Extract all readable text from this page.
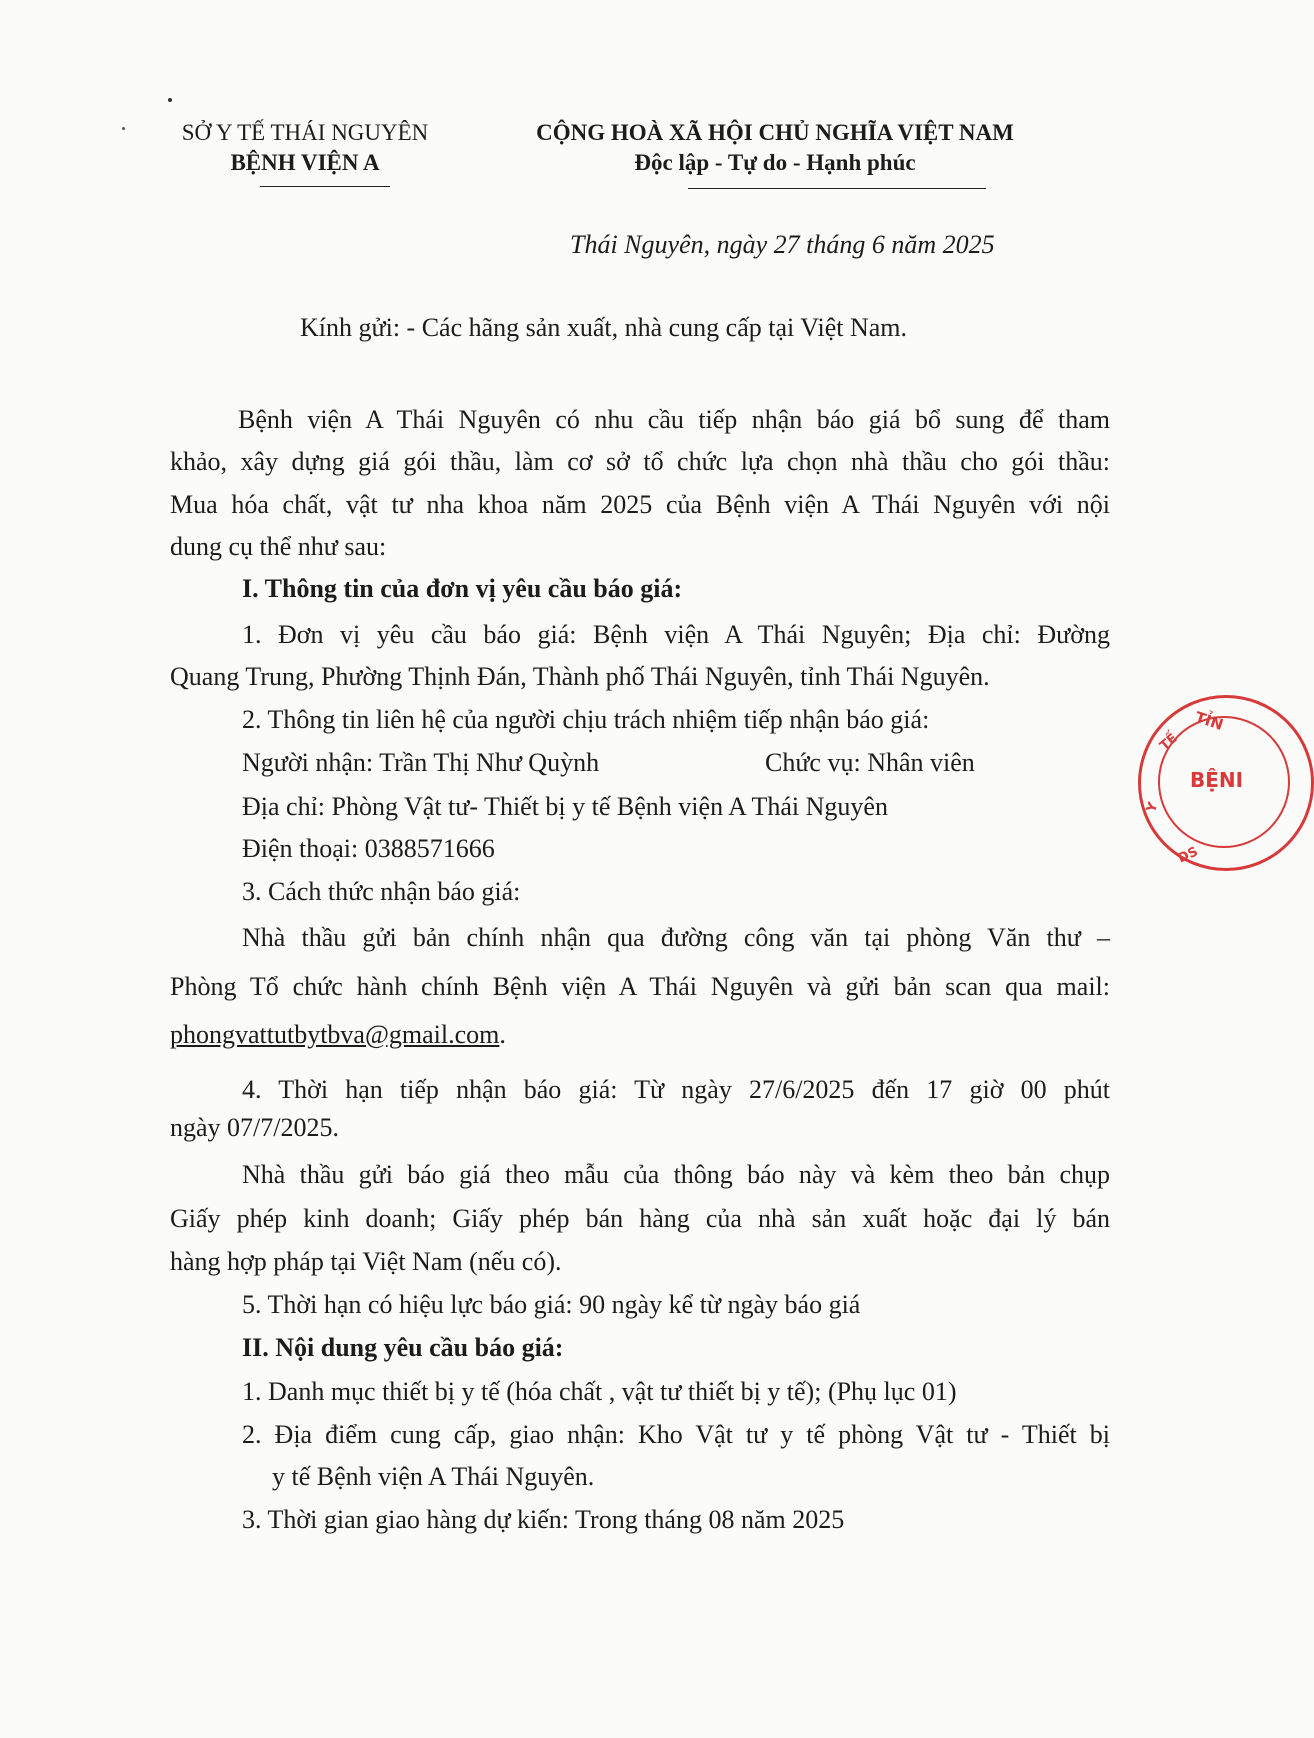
SỞ Y TẾ THÁI NGUYÊN
BỆNH VIỆN A
CỘNG HOÀ XÃ HỘI CHỦ NGHĨA VIỆT NAM
Độc lập - Tự do - Hạnh phúc
Thái Nguyên, ngày 27 tháng 6 năm 2025
Kính gửi: - Các hãng sản xuất, nhà cung cấp tại Việt Nam.
Bệnh viện A Thái Nguyên có nhu cầu tiếp nhận báo giá bổ sung để tham
khảo, xây dựng giá gói thầu, làm cơ sở tổ chức lựa chọn nhà thầu cho gói thầu:
Mua hóa chất, vật tư nha khoa năm 2025 của Bệnh viện A Thái Nguyên với nội
dung cụ thể như sau:
I. Thông tin của đơn vị yêu cầu báo giá:
1. Đơn vị yêu cầu báo giá: Bệnh viện A Thái Nguyên; Địa chỉ: Đường
Quang Trung, Phường Thịnh Đán, Thành phố Thái Nguyên, tỉnh Thái Nguyên.
2. Thông tin liên hệ của người chịu trách nhiệm tiếp nhận báo giá:
Người nhận: Trần Thị Như Quỳnh	Chức vụ: Nhân viên
Địa chỉ: Phòng Vật tư- Thiết bị y tế Bệnh viện A Thái Nguyên
Điện thoại: 0388571666
3. Cách thức nhận báo giá:
Nhà thầu gửi bản chính nhận qua đường công văn tại phòng Văn thư –
Phòng Tổ chức hành chính Bệnh viện A Thái Nguyên và gửi bản scan qua mail:
phongvattutbytbva@gmail.com.
4. Thời hạn tiếp nhận báo giá: Từ ngày 27/6/2025 đến 17 giờ 00 phút
ngày 07/7/2025.
Nhà thầu gửi báo giá theo mẫu của thông báo này và kèm theo bản chụp
Giấy phép kinh doanh; Giấy phép bán hàng của nhà sản xuất hoặc đại lý bán
hàng hợp pháp tại Việt Nam (nếu có).
5. Thời hạn có hiệu lực báo giá: 90 ngày kể từ ngày báo giá
II. Nội dung yêu cầu báo giá:
1. Danh mục thiết bị y tế (hóa chất , vật tư thiết bị y tế); (Phụ lục 01)
2. Địa điểm cung cấp, giao nhận: Kho Vật tư y tế phòng Vật tư - Thiết bị
y tế Bệnh viện A Thái Nguyên.
3. Thời gian giao hàng dự kiến: Trong tháng 08 năm 2025
TỈN
BỆNI
Y
TẾ
DS
